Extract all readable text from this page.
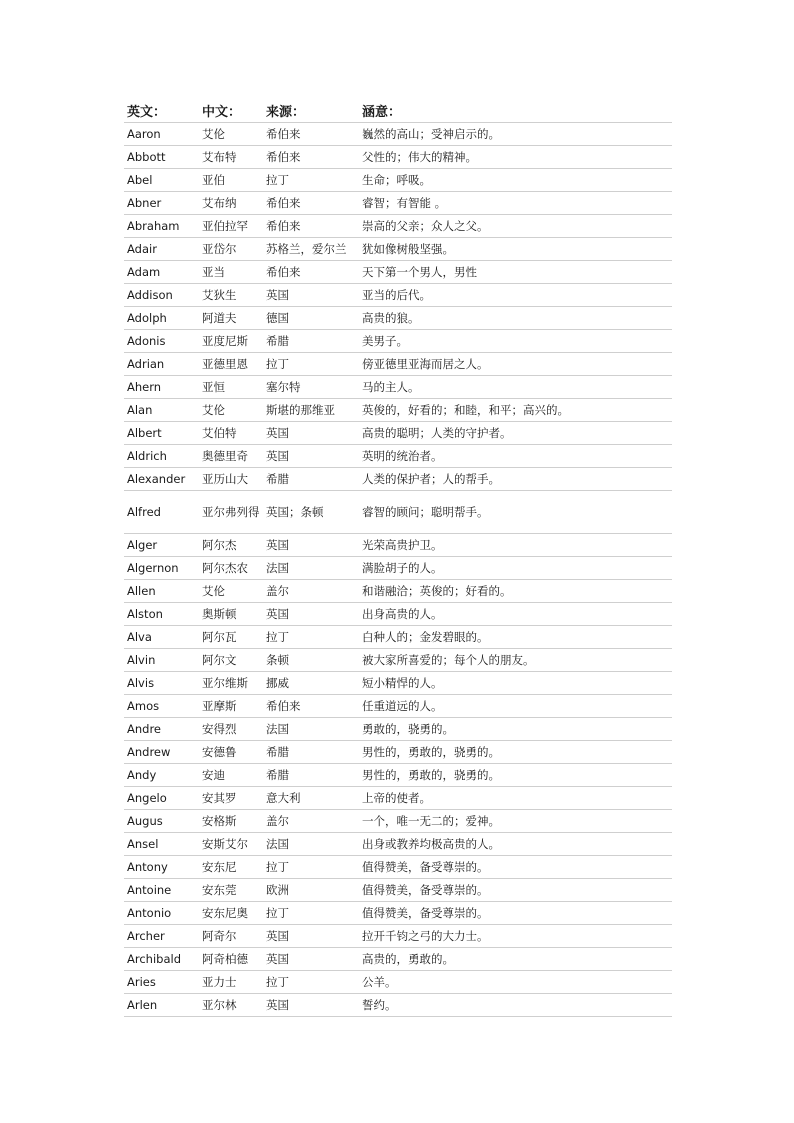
英文：	中文：	来源：	涵意：
Aaron	艾伦	希伯来	巍然的高山；受神启示的。
Abbott	艾布特	希伯来	父性的；伟大的精神。
Abel	亚伯	拉丁	生命；呼吸。
Abner	艾布纳	希伯来	睿智；有智能 。
Abraham	亚伯拉罕	希伯来	崇高的父亲；众人之父。
Adair	亚岱尔	苏格兰，爱尔兰	犹如像树般坚强。
Adam	亚当	希伯来	天下第一个男人，男性
Addison	艾狄生	英国	亚当的后代。
Adolph	阿道夫	德国	高贵的狼。
Adonis	亚度尼斯	希腊	美男子。
Adrian	亚德里恩	拉丁	傍亚德里亚海而居之人。
Ahern	亚恒	塞尔特	马的主人。
Alan	艾伦	斯堪的那维亚	英俊的，好看的；和睦，和平；高兴的。
Albert	艾伯特	英国	高贵的聪明；人类的守护者。
Aldrich	奥德里奇	英国	英明的统治者。
Alexander	亚历山大	希腊	人类的保护者；人的帮手。
Alfred	亚尔弗列得	英国；条顿	睿智的顾问；聪明帮手。
Alger	阿尔杰	英国	光荣高贵护卫。
Algernon	阿尔杰农	法国	满脸胡子的人。
Allen	艾伦	盖尔	和谐融洽；英俊的；好看的。
Alston	奥斯顿	英国	出身高贵的人。
Alva	阿尔瓦	拉丁	白种人的；金发碧眼的。
Alvin	阿尔文	条顿	被大家所喜爱的；每个人的朋友。
Alvis	亚尔维斯	挪威	短小精悍的人。
Amos	亚摩斯	希伯来	任重道远的人。
Andre	安得烈	法国	勇敢的，骁勇的。
Andrew	安德鲁	希腊	男性的，勇敢的，骁勇的。
Andy	安迪	希腊	男性的，勇敢的，骁勇的。
Angelo	安其罗	意大利	上帝的使者。
Augus	安格斯	盖尔	一个，唯一无二的；爱神。
Ansel	安斯艾尔	法国	出身或教养均极高贵的人。
Antony	安东尼	拉丁	值得赞美，备受尊崇的。
Antoine	安东莞	欧洲	值得赞美，备受尊崇的。
Antonio	安东尼奥	拉丁	值得赞美，备受尊崇的。
Archer	阿奇尔	英国	拉开千钧之弓的大力士。
Archibald	阿奇柏德	英国	高贵的，勇敢的。
Aries	亚力士	拉丁	公羊。
Arlen	亚尔林	英国	誓约。
